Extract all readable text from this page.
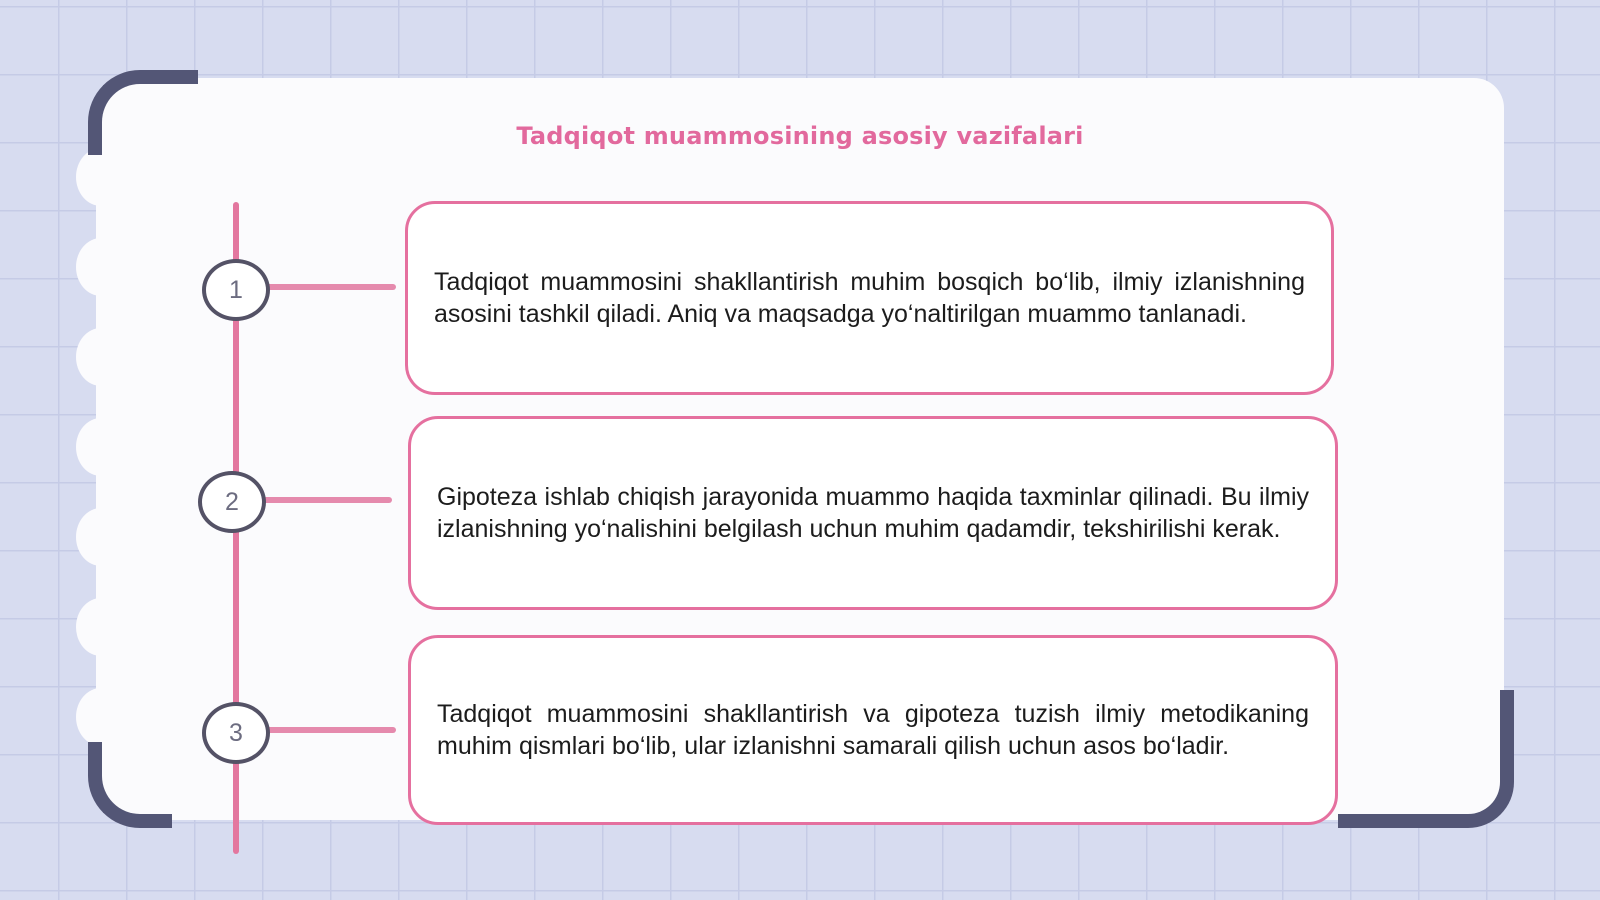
Tadqiqot muammosining asosiy vazifalari
1
2
3
Tadqiqot muammosini shakllantirish muhim bosqich bo‘lib, ilmiy izlanishning asosini tashkil qiladi. Aniq va maqsadga yo‘naltirilgan muammo tanlanadi.
Gipoteza ishlab chiqish jarayonida muammo haqida taxminlar qilinadi. Bu ilmiy izlanishning yo‘nalishini belgilash uchun muhim qadamdir, tekshirilishi kerak.
Tadqiqot muammosini shakllantirish va gipoteza tuzish ilmiy metodikaning muhim qismlari bo‘lib, ular izlanishni samarali qilish uchun asos bo‘ladir.
